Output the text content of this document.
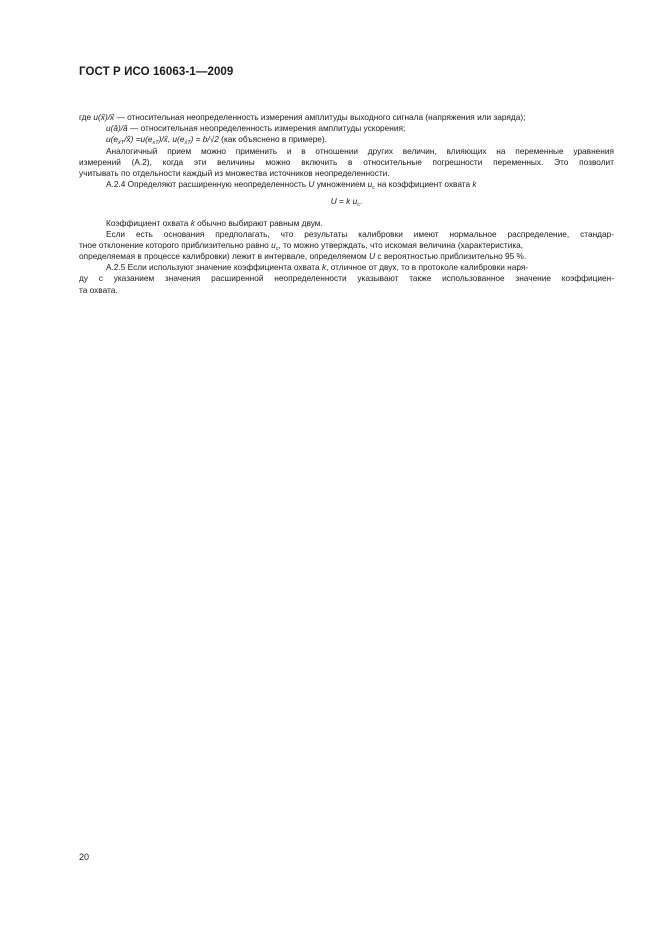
ГОСТ Р ИСО 16063-1—2009
где u(x̂)/x̂ — относительная неопределенность измерения амплитуды выходного сигнала (напряжения или заряда);
u(â)/â — относительная неопределенность измерения амплитуды ускорения;
$u(e_{x̂T}/x̂)$ $=u(e_{xT})/x̂$, $u(e_{x̂T}) = b/√2$ (как объяснено в примере).
Аналогичный прием можно применить и в отношении других величин, влияющих на переменные уравнения
измерений (А.2), когда эти величины можно включить в относительные погрешности переменных. Это позволит
учитывать по отдельности каждый из множества источников неопределенности.
А.2.4 Определяют расширенную неопределенность U умножением $u_c$ на коэффициент охвата k
U = k $u_c$.
Коэффициент охвата k обычно выбирают равным двум.
Если есть основания предполагать, что результаты калибровки имеют нормальное распределение, стандар-
тное отклонение которого приблизительно равно $u_c$, то можно утверждать, что искомая величина (характеристика,
определяемая в процессе калибровки) лежит в интервале, определяемом U с вероятностью приблизительно 95 %.
А.2.5 Если используют значение коэффициента охвата k, отличное от двух, то в протоколе калибровки наря-
ду с указанием значения расширенной неопределенности указывают также использованное значение коэффициен-
та охвата.
20
